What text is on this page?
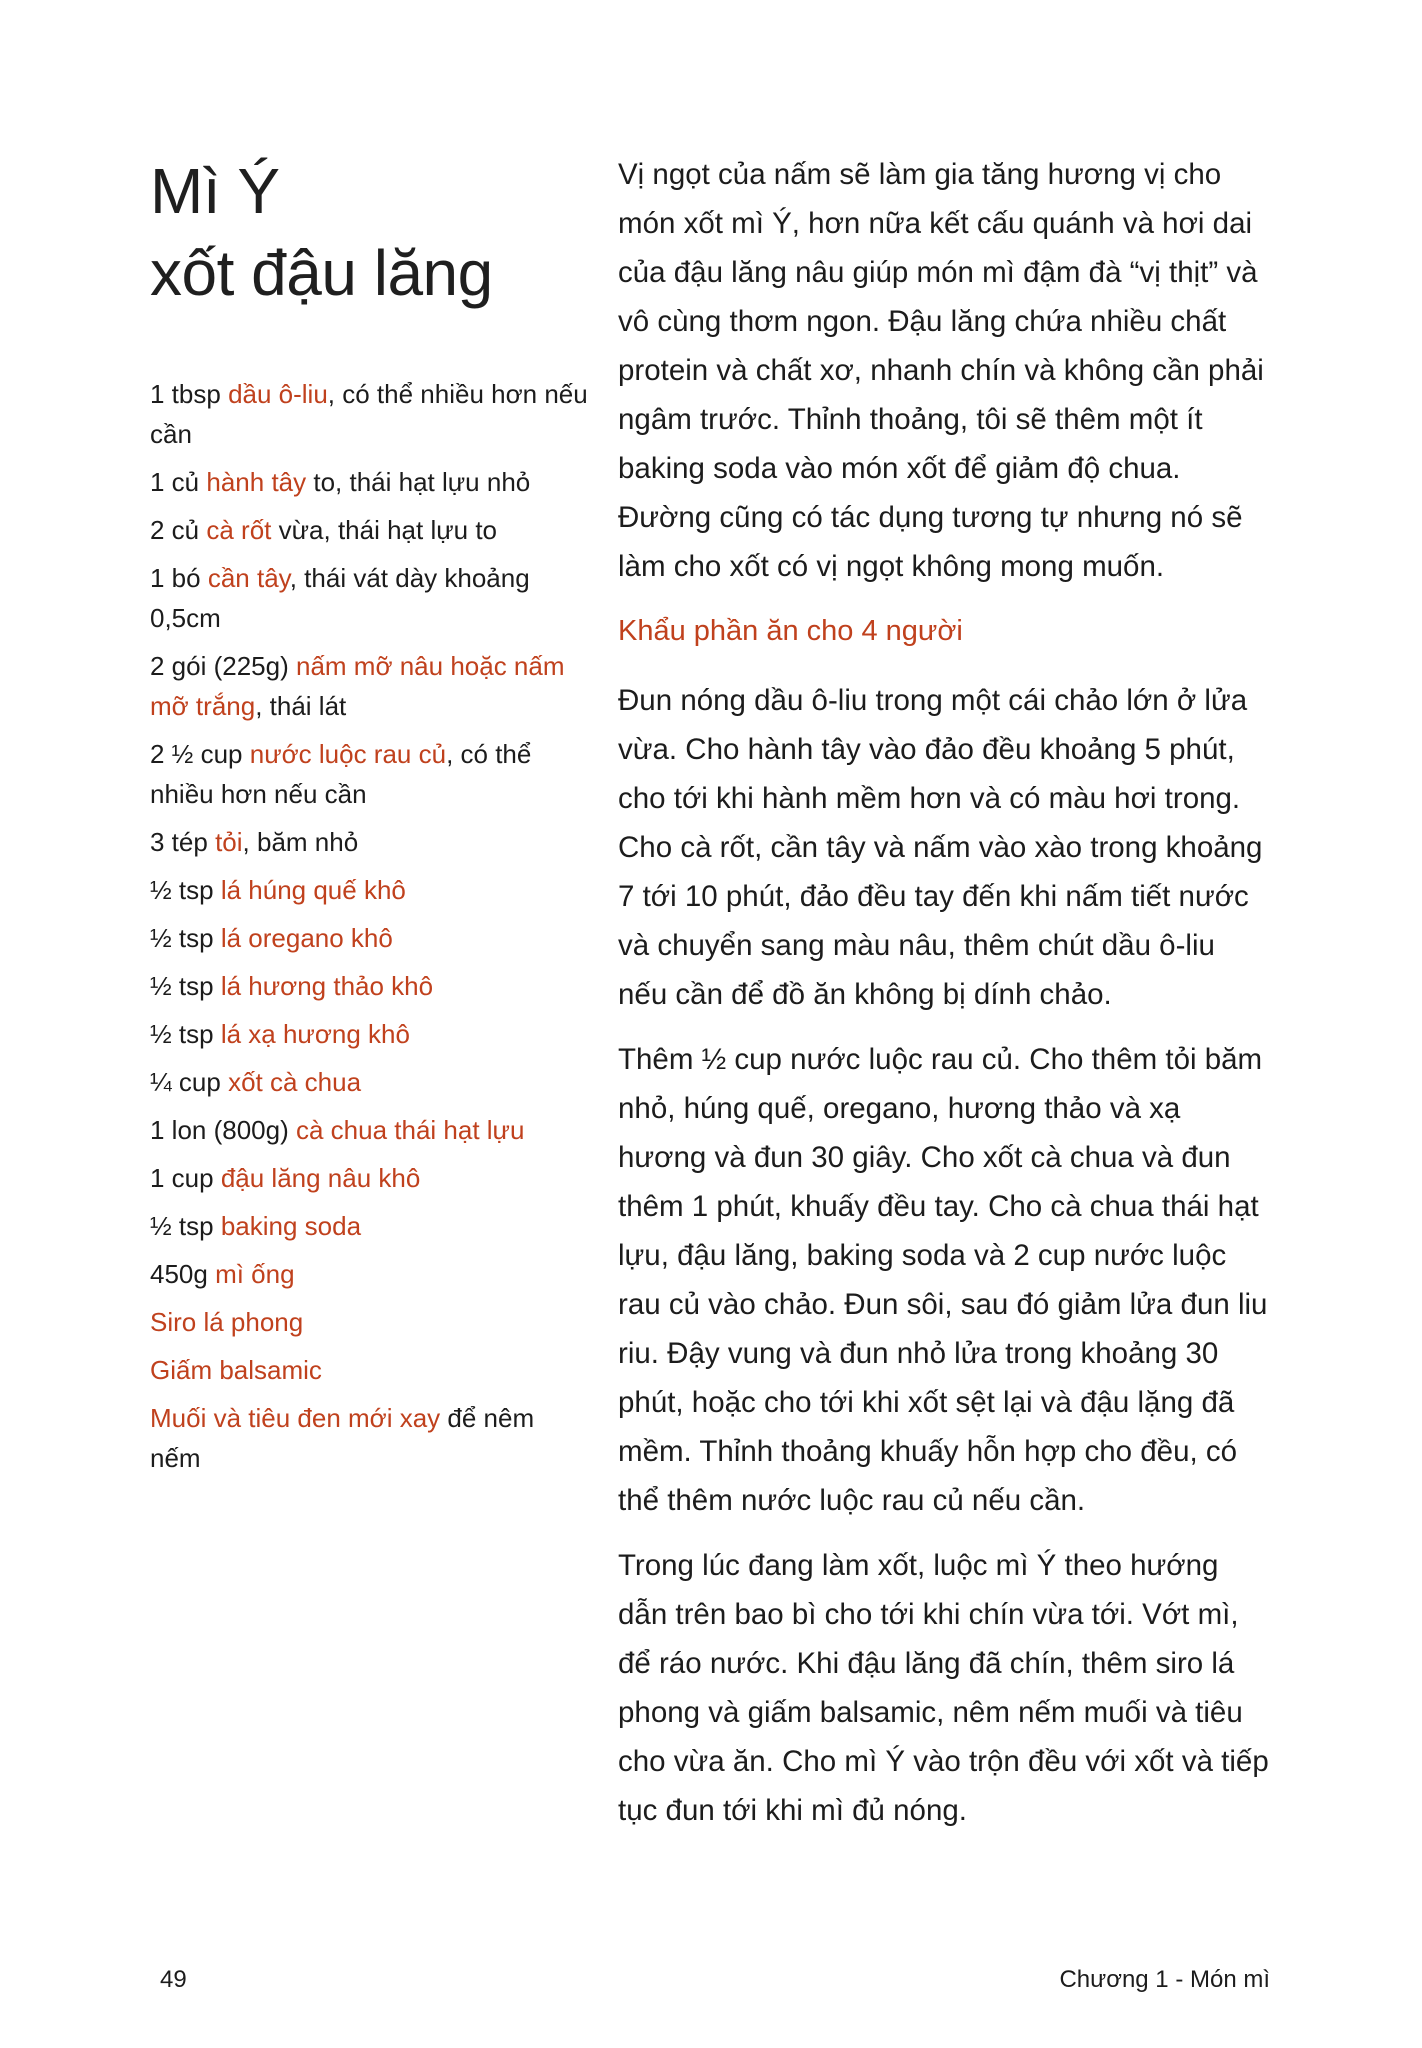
Mì Ý
xốt đậu lăng
1 tbsp dầu ô-liu, có thể nhiều hơn nếu cần
1 củ hành tây to, thái hạt lựu nhỏ
2 củ cà rốt vừa, thái hạt lựu to
1 bó cần tây, thái vát dày khoảng 0,5cm
2 gói (225g) nấm mỡ nâu hoặc nấm mỡ trắng, thái lát
2 ½ cup nước luộc rau củ, có thể nhiều hơn nếu cần
3 tép tỏi, băm nhỏ
½ tsp lá húng quế khô
½ tsp lá oregano khô
½ tsp lá hương thảo khô
½ tsp lá xạ hương khô
¼ cup xốt cà chua
1 lon (800g) cà chua thái hạt lựu
1 cup đậu lăng nâu khô
½ tsp baking soda
450g mì ống
Siro lá phong
Giấm balsamic
Muối và tiêu đen mới xay để nêm nếm

Vị ngọt của nấm sẽ làm gia tăng hương vị cho món xốt mì Ý, hơn nữa kết cấu quánh và hơi dai của đậu lăng nâu giúp món mì đậm đà “vị thịt” và vô cùng thơm ngon. Đậu lăng chứa nhiều chất protein và chất xơ, nhanh chín và không cần phải ngâm trước. Thỉnh thoảng, tôi sẽ thêm một ít baking soda vào món xốt để giảm độ chua. Đường cũng có tác dụng tương tự nhưng nó sẽ làm cho xốt có vị ngọt không mong muốn.

Khẩu phần ăn cho 4 người

Đun nóng dầu ô-liu trong một cái chảo lớn ở lửa vừa. Cho hành tây vào đảo đều khoảng 5 phút, cho tới khi hành mềm hơn và có màu hơi trong. Cho cà rốt, cần tây và nấm vào xào trong khoảng 7 tới 10 phút, đảo đều tay đến khi nấm tiết nước và chuyển sang màu nâu, thêm chút dầu ô-liu nếu cần để đồ ăn không bị dính chảo.

Thêm ½ cup nước luộc rau củ. Cho thêm tỏi băm nhỏ, húng quế, oregano, hương thảo và xạ hương và đun 30 giây. Cho xốt cà chua và đun thêm 1 phút, khuấy đều tay. Cho cà chua thái hạt lựu, đậu lăng, baking soda và 2 cup nước luộc rau củ vào chảo. Đun sôi, sau đó giảm lửa đun liu riu. Đậy vung và đun nhỏ lửa trong khoảng 30 phút, hoặc cho tới khi xốt sệt lại và đậu lặng đã mềm. Thỉnh thoảng khuấy hỗn hợp cho đều, có thể thêm nước luộc rau củ nếu cần.

Trong lúc đang làm xốt, luộc mì Ý theo hướng dẫn trên bao bì cho tới khi chín vừa tới. Vớt mì, để ráo nước. Khi đậu lăng đã chín, thêm siro lá phong và giấm balsamic, nêm nếm muối và tiêu cho vừa ăn. Cho mì Ý vào trộn đều với xốt và tiếp tục đun tới khi mì đủ nóng.

49	Chương 1 - Món mì
